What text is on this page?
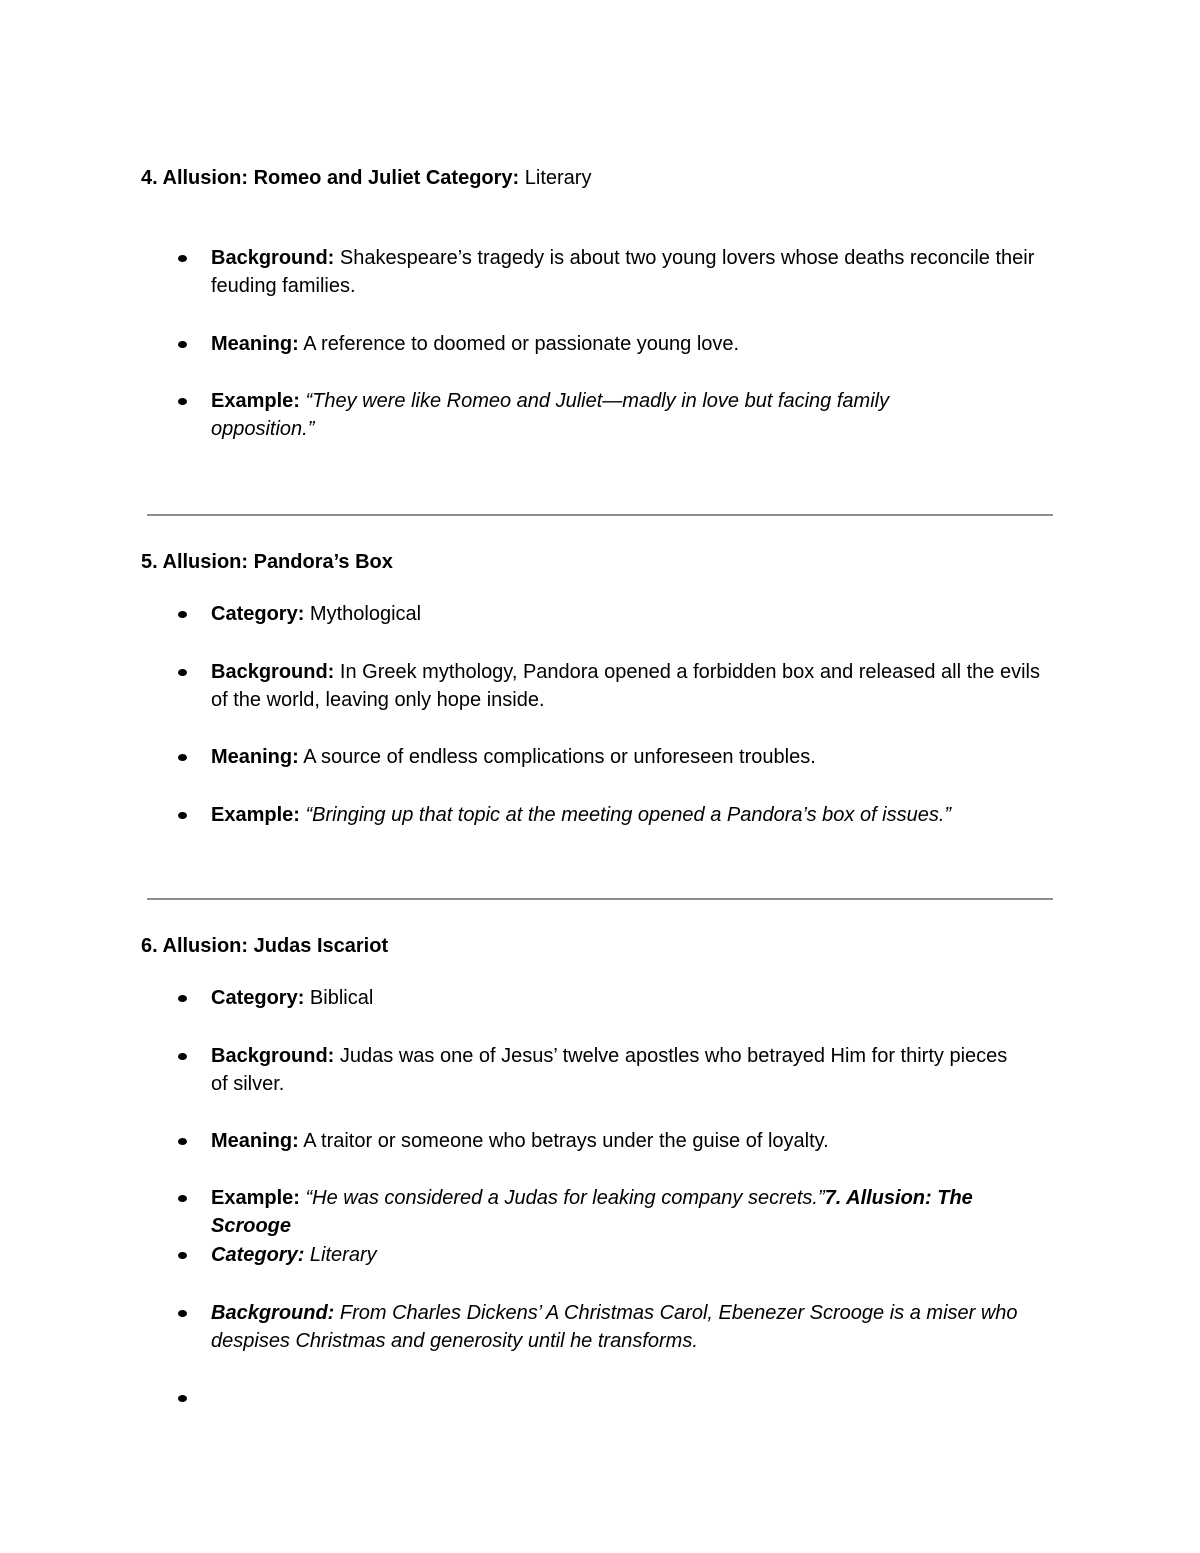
4. Allusion: Romeo and Juliet Category: Literary
Background: Shakespeare’s tragedy is about two young lovers whose deaths reconcile their feuding families.
Meaning: A reference to doomed or passionate young love.
Example: “They were like Romeo and Juliet—madly in love but facing family opposition.”
5. Allusion: Pandora’s Box
Category: Mythological
Background: In Greek mythology, Pandora opened a forbidden box and released all the evils of the world, leaving only hope inside.
Meaning: A source of endless complications or unforeseen troubles.
Example: “Bringing up that topic at the meeting opened a Pandora’s box of issues.”
6. Allusion: Judas Iscariot
Category: Biblical
Background: Judas was one of Jesus’ twelve apostles who betrayed Him for thirty pieces of silver.
Meaning: A traitor or someone who betrays under the guise of loyalty.
Example: “He was considered a Judas for leaking company secrets.”7. Allusion: The Scrooge
Category: Literary
Background: From Charles Dickens’ A Christmas Carol, Ebenezer Scrooge is a miser who despises Christmas and generosity until he transforms.
